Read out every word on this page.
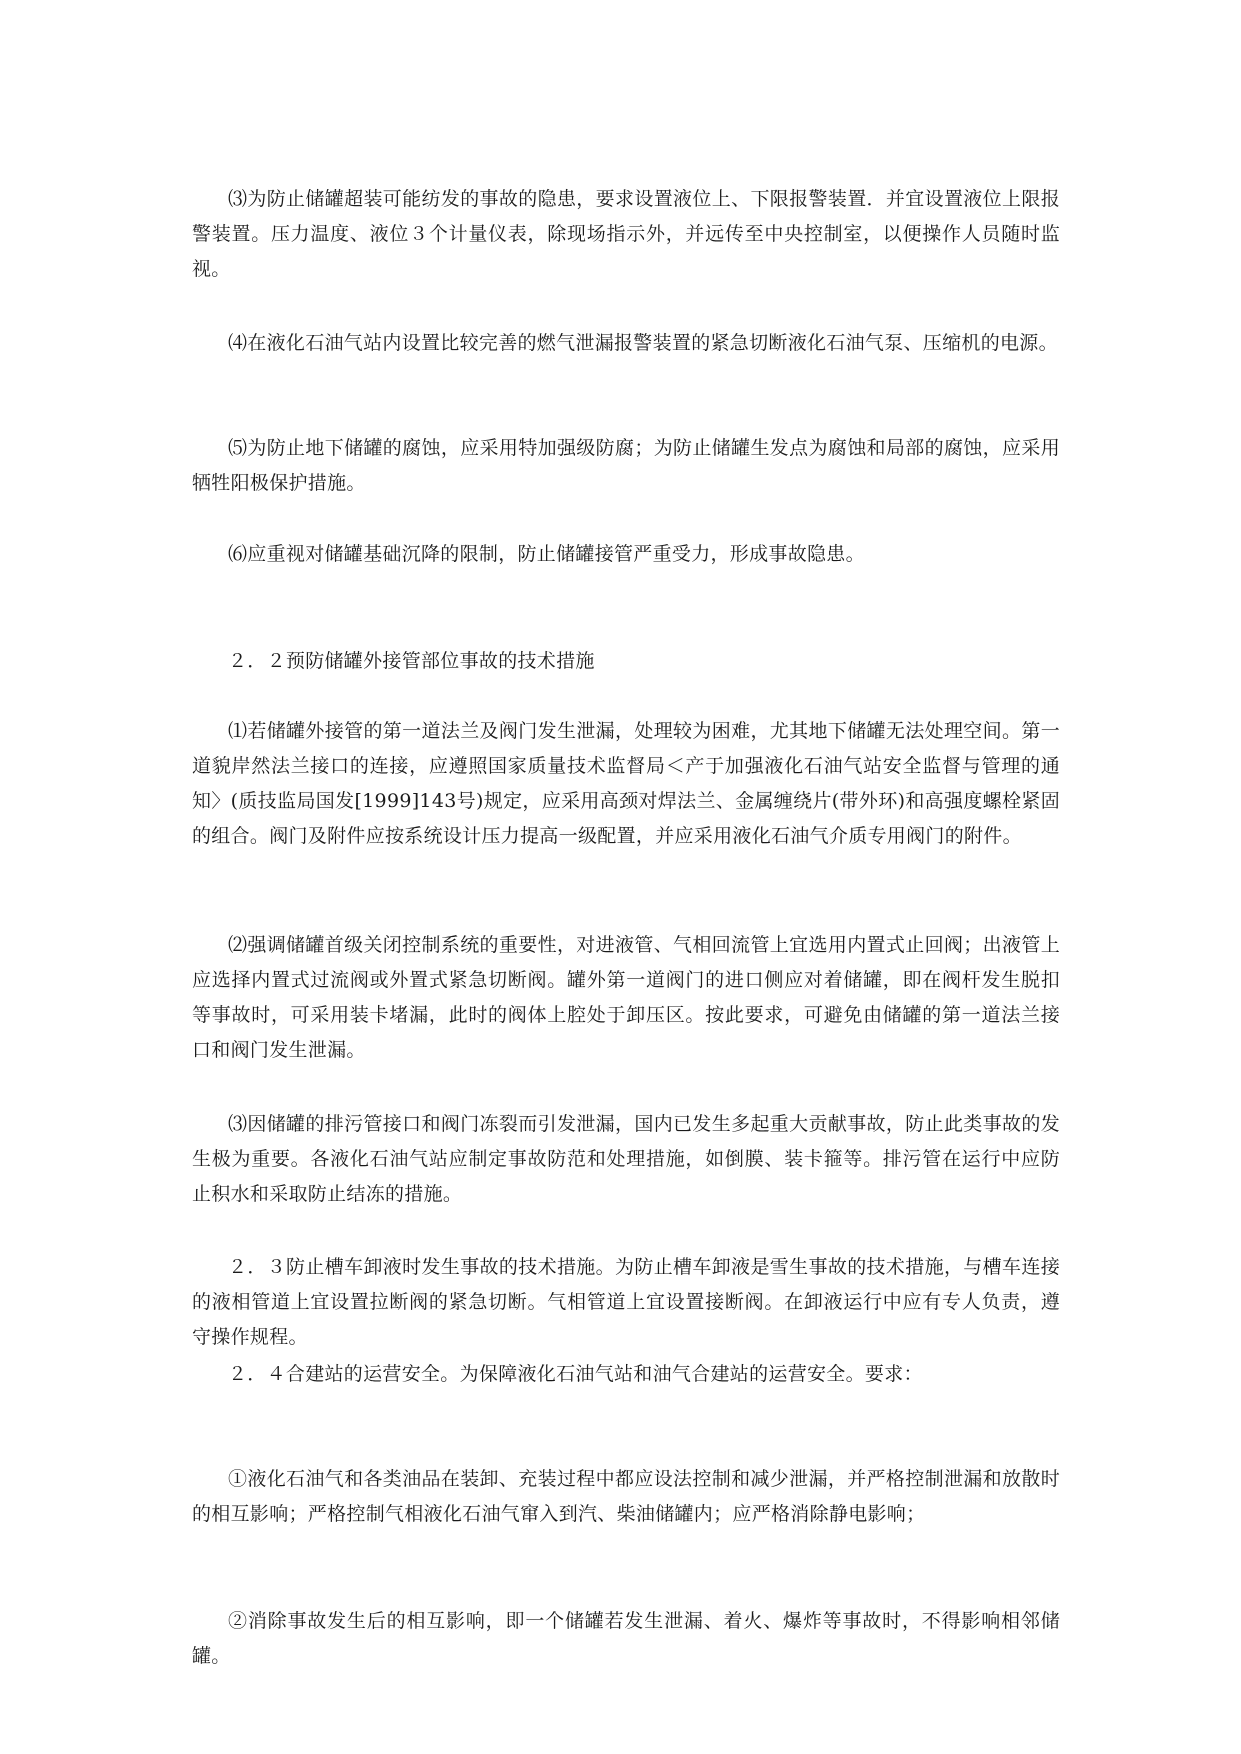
⑶为防止储罐超装可能纺发的事故的隐患，要求设置液位上、下限报警装置．并宜设置液位上限报警装置。压力温度、液位３个计量仪表，除现场指示外，并远传至中央控制室，以便操作人员随时监视。

⑷在液化石油气站内设置比较完善的燃气泄漏报警装置的紧急切断液化石油气泵、压缩机的电源。

⑸为防止地下储罐的腐蚀，应采用特加强级防腐；为防止储罐生发点为腐蚀和局部的腐蚀，应采用牺牲阳极保护措施。

⑹应重视对储罐基础沉降的限制，防止储罐接管严重受力，形成事故隐患。

２．２预防储罐外接管部位事故的技术措施

⑴若储罐外接管的第一道法兰及阀门发生泄漏，处理较为困难，尤其地下储罐无法处理空间。第一道貌岸然法兰接口的连接，应遵照国家质量技术监督局＜产于加强液化石油气站安全监督与管理的通知〉(质技监局国发[1999]143号)规定，应采用高颈对焊法兰、金属缠绕片(带外环)和高强度螺栓紧固的组合。阀门及附件应按系统设计压力提高一级配置，并应采用液化石油气介质专用阀门的附件。

⑵强调储罐首级关闭控制系统的重要性，对进液管、气相回流管上宜选用内置式止回阀；出液管上应选择内置式过流阀或外置式紧急切断阀。罐外第一道阀门的进口侧应对着储罐，即在阀杆发生脱扣等事故时，可采用装卡堵漏，此时的阀体上腔处于卸压区。按此要求，可避免由储罐的第一道法兰接口和阀门发生泄漏。

⑶因储罐的排污管接口和阀门冻裂而引发泄漏，国内已发生多起重大贡献事故，防止此类事故的发生极为重要。各液化石油气站应制定事故防范和处理措施，如倒膜、装卡箍等。排污管在运行中应防止积水和采取防止结冻的措施。

２．３防止槽车卸液时发生事故的技术措施。为防止槽车卸液是雪生事故的技术措施，与槽车连接的液相管道上宜设置拉断阀的紧急切断。气相管道上宜设置接断阀。在卸液运行中应有专人负责，遵守操作规程。

２．４合建站的运营安全。为保障液化石油气站和油气合建站的运营安全。要求：

①液化石油气和各类油品在装卸、充装过程中都应设法控制和减少泄漏，并严格控制泄漏和放散时的相互影响；严格控制气相液化石油气窜入到汽、柴油储罐内；应严格消除静电影响；

②消除事故发生后的相互影响，即一个储罐若发生泄漏、着火、爆炸等事故时，不得影响相邻储罐。
